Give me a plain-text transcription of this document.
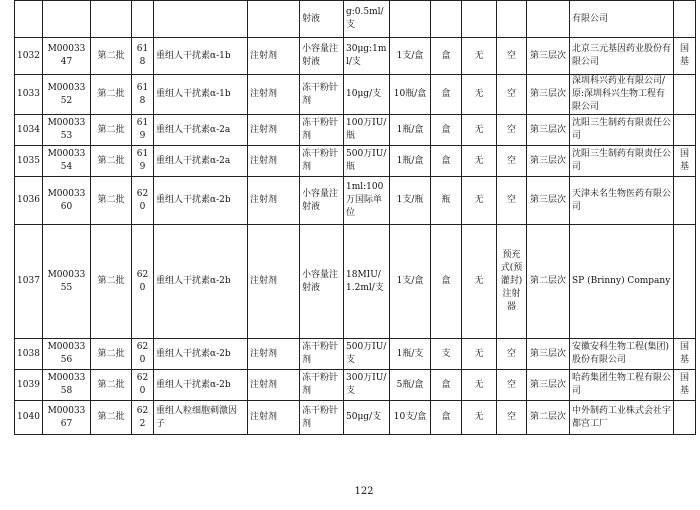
						射液	g:0.5ml/支						有限公司	
1032	M0003347	第二批	618	重组人干扰素α-1b	注射剂	小容量注射液	30μg:1ml/支	1支/盒	盒	无	空	第三层次	北京三元基因药业股份有限公司	国基
1033	M0003352	第二批	618	重组人干扰素α-1b	注射剂	冻干粉针剂	10μg/支	10瓶/盒	盒	无	空	第三层次	深圳科兴药业有限公司/原:深圳科兴生物工程有限公司	
1034	M0003353	第二批	619	重组人干扰素α-2a	注射剂	冻干粉针剂	100万IU/瓶	1瓶/盒	盒	无	空	第三层次	沈阳三生制药有限责任公司	
1035	M0003354	第二批	619	重组人干扰素α-2a	注射剂	冻干粉针剂	500万IU/瓶	1瓶/盒	盒	无	空	第三层次	沈阳三生制药有限责任公司	国基
1036	M0003360	第二批	620	重组人干扰素α-2b	注射剂	小容量注射液	1ml:100万国际单位	1支/瓶	瓶	无	空	第三层次	天津未名生物医药有限公司	
1037	M0003355	第二批	620	重组人干扰素α-2b	注射剂	小容量注射液	18MIU/1.2ml/支	1支/盒	盒	无	预充式(预灌封)注射器	第二层次	SP (Brinny) Company	
1038	M0003356	第二批	620	重组人干扰素α-2b	注射剂	冻干粉针剂	500万IU/支	1瓶/支	支	无	空	第三层次	安徽安科生物工程(集团)股份有限公司	国基
1039	M0003358	第二批	620	重组人干扰素α-2b	注射剂	冻干粉针剂	300万IU/支	5瓶/盒	盒	无	空	第三层次	哈药集团生物工程有限公司	国基
1040	M0003367	第二批	622	重组人粒细胞刺激因子	注射剂	冻干粉针剂	50μg/支	10支/盒	盒	无	空	第二层次	中外制药工业株式会社宇都宫工厂	
122
